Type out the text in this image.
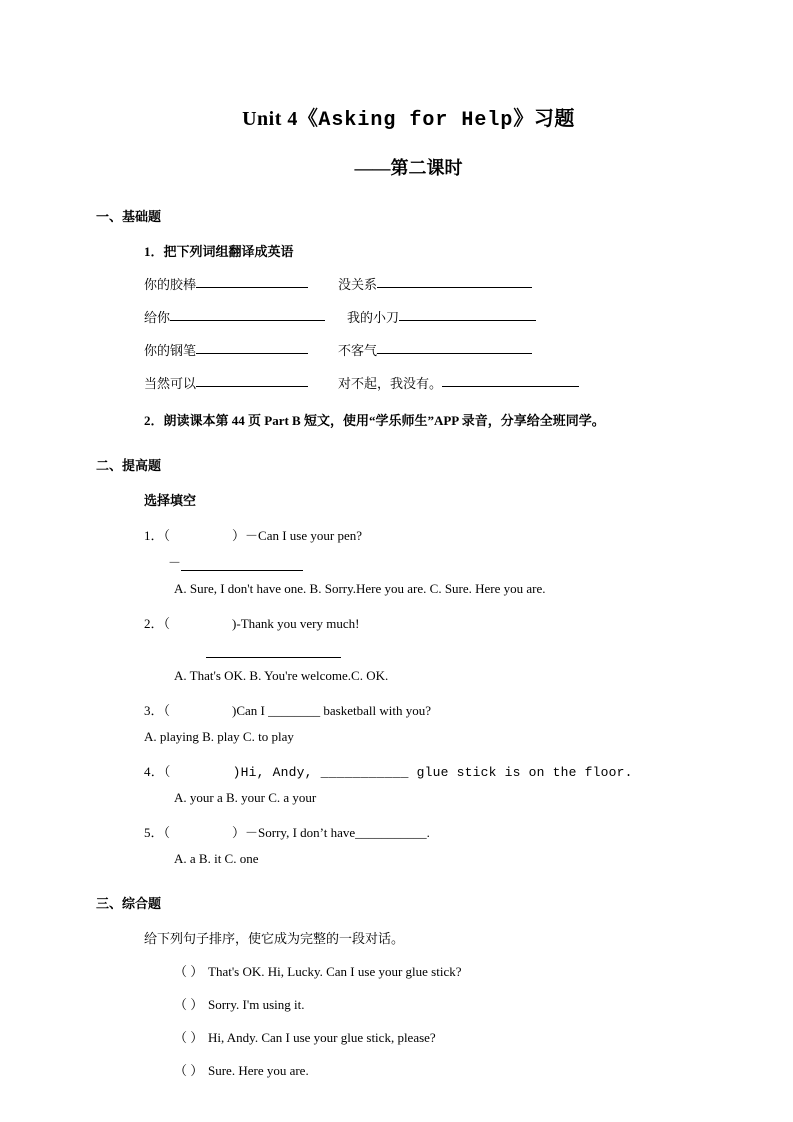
Unit 4《Asking for Help》习题
——第二课时
一、基础题
1．把下列词组翻译成英语
你的胶棒	没关系
给你	我的小刀
你的钢笔	不客气
当然可以	对不起，我没有。
2．朗读课本第 44 页 Part B 短文，使用“学乐师生”APP 录音，分享给全班同学。
二、提高题
选择填空
1．（	）－Can I use your pen?
－
A. Sure, I don't have one. B. Sorry.Here you are. C. Sure. Here you are.
2．（	)-Thank you very much!
A. That's OK. B. You're welcome.C. OK.
3．（	)Can I ________ basketball with you?
A. playing B. play C. to play
4．（	)Hi, Andy, ___________ glue stick is on the floor.
A. your a B. your C. a your
5．（	）－Sorry, I don’t have___________.
A. a B. it C. one
三、综合题
给下列句子排序，使它成为完整的一段对话。
（ ） That's OK. Hi, Lucky. Can I use your glue stick?
（ ） Sorry. I'm using it.
（ ） Hi, Andy. Can I use your glue stick, please?
（ ） Sure. Here you are.
